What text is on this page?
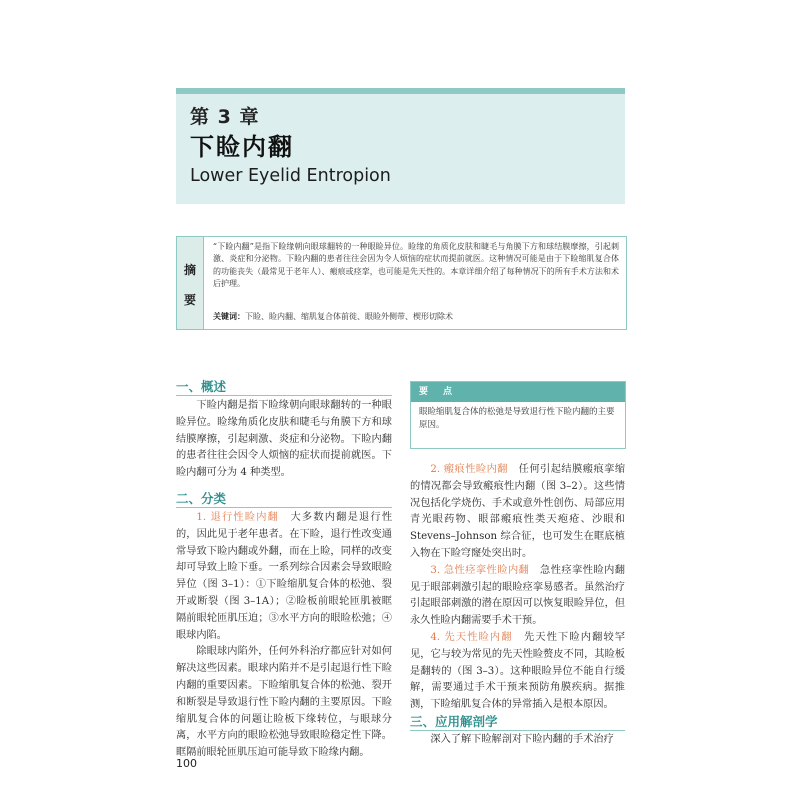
第 3 章
下睑内翻
Lower Eyelid Entropion
摘
要
“下睑内翻”是指下睑缘朝向眼球翻转的一种眼睑异位。睑缘的角质化皮肤和睫毛与角膜下方和球结膜摩擦，引起刺激、炎症和分泌物。下睑内翻的患者往往会因为令人烦恼的症状而提前就医。这种情况可能是由于下睑缩肌复合体的功能丧失（最常见于老年人）、瘢痕或痉挛，也可能是先天性的。本章详细介绍了每种情况下的所有手术方法和术后护理。
关键词：下睑、睑内翻、缩肌复合体前徙、眼睑外侧带、楔形切除术
一、概述

下睑内翻是指下睑缘朝向眼球翻转的一种眼睑异位。睑缘角质化皮肤和睫毛与角膜下方和球结膜摩擦，引起刺激、炎症和分泌物。下睑内翻的患者往往会因令人烦恼的症状而提前就医。下睑内翻可分为 4 种类型。

二、分类

1. 退行性睑内翻　 大多数内翻是退行性的，因此见于老年患者。在下睑，退行性改变通常导致下睑内翻或外翻，而在上睑，同样的改变却可导致上睑下垂。一系列综合因素会导致眼睑异位（图 3–1）：①下睑缩肌复合体的松弛、裂开或断裂（图 3–1A）；②睑板前眼轮匝肌被眶隔前眼轮匝肌压迫；③水平方向的眼睑松弛；④眼球内陷。

除眼球内陷外，任何外科治疗都应针对如何解决这些因素。眼球内陷并不是引起退行性下睑内翻的重要因素。下睑缩肌复合体的松弛、裂开和断裂是导致退行性下睑内翻的主要原因。下睑缩肌复合体的问题让睑板下缘转位，与眼球分离，水平方向的眼睑松弛导致眼睑稳定性下降。眶隔前眼轮匝肌压迫可能导致下睑缘内翻。

要　点
眼睑缩肌复合体的松弛是导致退行性下睑内翻的主要原因。

2. 瘢痕性睑内翻　 任何引起结膜瘢痕挛缩的情况都会导致瘢痕性内翻（图 3–2）。这些情况包括化学烧伤、手术或意外性创伤、局部应用青光眼药物、眼部瘢痕性类天疱疮、沙眼和 Stevens–Johnson 综合征，也可发生在眶底植入物在下睑穹窿处突出时。

3. 急性痉挛性睑内翻　 急性痉挛性睑内翻见于眼部刺激引起的眼睑痉挛易感者。虽然治疗引起眼部刺激的潜在原因可以恢复眼睑异位，但永久性睑内翻需要手术干预。

4. 先天性睑内翻　 先天性下睑内翻较罕见，它与较为常见的先天性睑赘皮不同，其睑板是翻转的（图 3–3）。这种眼睑异位不能自行缓解，需要通过手术干预来预防角膜疾病。据推测，下睑缩肌复合体的异常插入是根本原因。

三、应用解剖学

深入了解下睑解剖对下睑内翻的手术治疗

100
